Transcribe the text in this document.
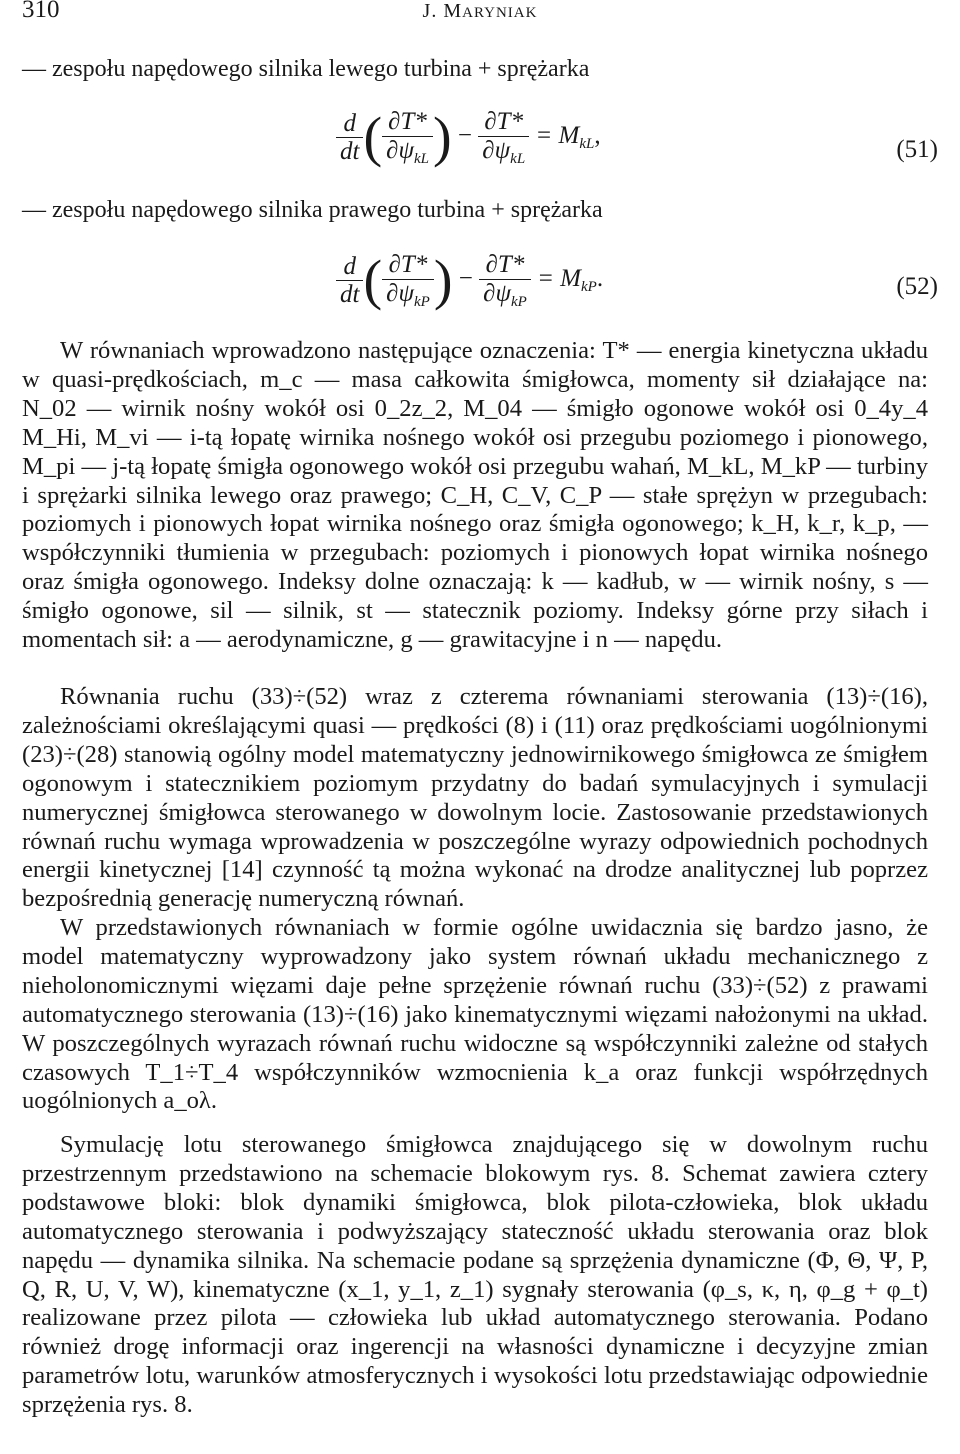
310	J. MARYNIAK
— zespołu napędowego silnika lewego turbina + sprężarka
$\frac{d}{dt}$ ( $\frac{\partial T*}{\partial\psi_{kL}}$ ) − $\frac{\partial T*}{\partial\psi_{kL}} = M_{kL}$,
(51)
— zespołu napędowego silnika prawego turbina + sprężarka
$\frac{d}{dt}$ ( $\frac{\partial T*}{\partial\psi_{kP}}$ ) − $\frac{\partial T*}{\partial\psi_{kP}} = M_{kP}$.	(52)
W równaniach wprowadzono następujące oznaczenia: T* — energia kinetyczna układu w quasi-prędkościach, m_c — masa całkowita śmigłowca, momenty sił działające na: N_02 — wirnik nośny wokół osi 0_2z_2, M_04 — śmigło ogonowe wokół osi 0_4y_4 M_Hi, M_vi — i-tą łopatę wirnika nośnego wokół osi przegubu poziomego i pionowego, M_pi — j-tą łopatę śmigła ogonowego wokół osi przegubu wahań, M_kL, M_kP — turbiny i sprężarki silnika lewego oraz prawego; C_H, C_V, C_P — stałe sprężyn w przegubach: poziomych i pionowych łopat wirnika nośnego oraz śmigła ogonowego; k_H, k_r, k_p, — współczynniki tłumienia w przegubach: poziomych i pionowych łopat wirnika nośnego oraz śmigła ogonowego. Indeksy dolne oznaczają: k — kadłub, w — wirnik nośny, s — śmigło ogonowe, sil — silnik, st — statecznik poziomy. Indeksy górne przy siłach i momentach sił: a — aerodynamiczne, g — grawitacyjne i n — napędu.
Równania ruchu (33)÷(52) wraz z czterema równaniami sterowania (13)÷(16), zależnościami określającymi quasi — prędkości (8) i (11) oraz prędkościami uogólnionymi (23)÷(28) stanowią ogólny model matematyczny jednowirnikowego śmigłowca ze śmigłem ogonowym i statecznikiem poziomym przydatny do badań symulacyjnych i symulacji numerycznej śmigłowca sterowanego w dowolnym locie. Zastosowanie przedstawionych równań ruchu wymaga wprowadzenia w poszczególne wyrazy odpowiednich pochodnych energii kinetycznej [14] czynność tą można wykonać na drodze analitycznej lub poprzez bezpośrednią generację numeryczną równań.
W przedstawionych równaniach w formie ogólne uwidacznia się bardzo jasno, że model matematyczny wyprowadzony jako system równań układu mechanicznego z nieholonomicznymi więzami daje pełne sprzężenie równań ruchu (33)÷(52) z prawami automatycznego sterowania (13)÷(16) jako kinematycznymi więzami nałożonymi na układ. W poszczególnych wyrazach równań ruchu widoczne są współczynniki zależne od stałych czasowych T_1÷T_4 współczynników wzmocnienia k_a oraz funkcji współrzędnych uogólnionych a_oλ.
Symulację lotu sterowanego śmigłowca znajdującego się w dowolnym ruchu przestrzennym przedstawiono na schemacie blokowym rys. 8. Schemat zawiera cztery podstawowe bloki: blok dynamiki śmigłowca, blok pilota-człowieka, blok układu automatycznego sterowania i podwyższający stateczność układu sterowania oraz blok napędu — dynamika silnika. Na schemacie podane są sprzężenia dynamiczne (Φ, Θ, Ψ, P, Q, R, U, V, W), kinematyczne (x_1, y_1, z_1) sygnały sterowania (φ_s, κ, η, φ_g + φ_t) realizowane przez pilota — człowieka lub układ automatycznego sterowania. Podano również drogę informacji oraz ingerencji na własności dynamiczne i decyzyjne zmian parametrów lotu, warunków atmosferycznych i wysokości lotu przedstawiając odpowiednie sprzężenia rys. 8.
